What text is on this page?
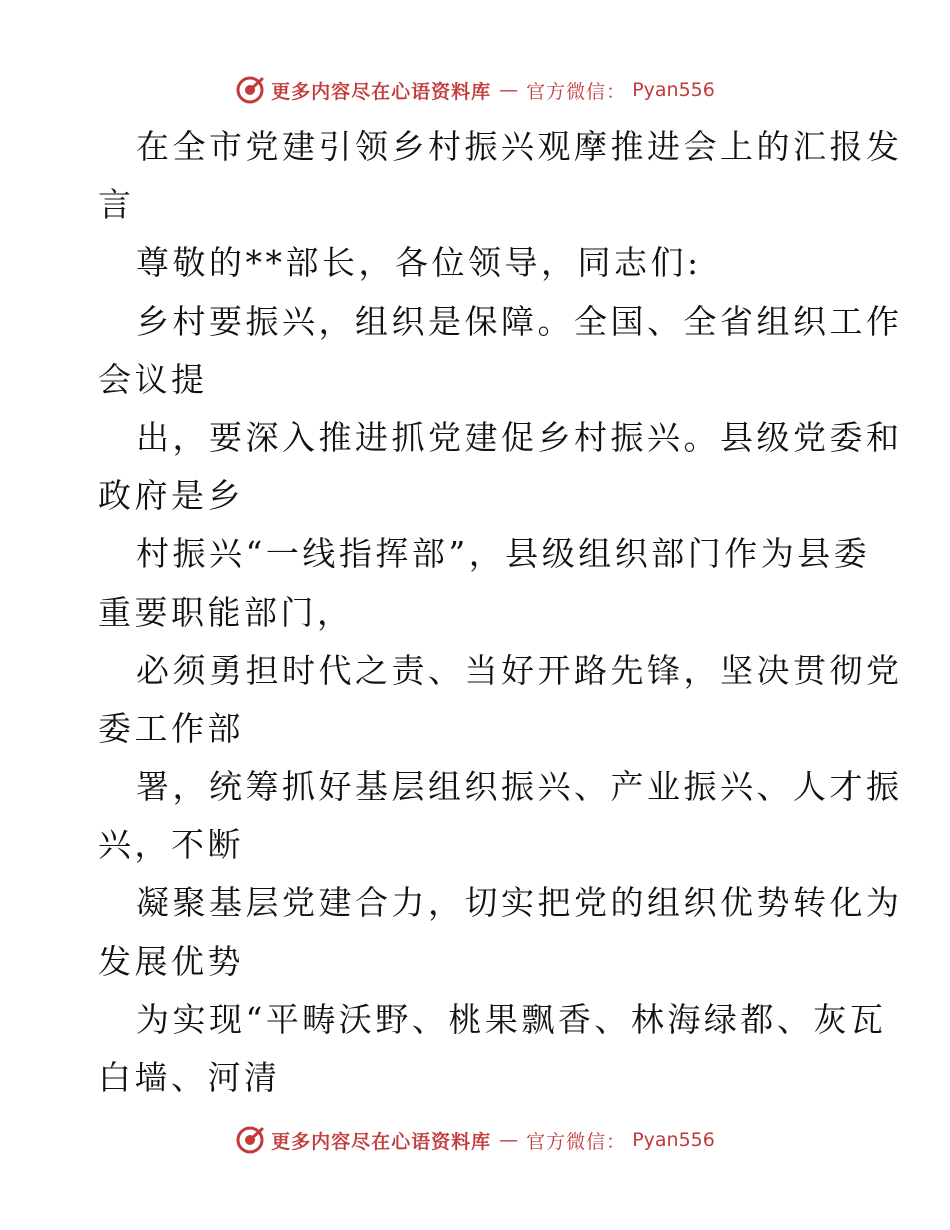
更多内容尽在心语资料库 — 官方微信： Pyan556
在全市党建引领乡村振兴观摩推进会上的汇报发
言
尊敬的**部长，各位领导，同志们:
乡村要振兴，组织是保障。全国、全省组织工作
会议提
出，要深入推进抓党建促乡村振兴。县级党委和
政府是乡
村振兴“一线指挥部”，县级组织部门作为县委
重要职能部门，
必须勇担时代之责、当好开路先锋，坚决贯彻党
委工作部
署，统筹抓好基层组织振兴、产业振兴、人才振
兴，不断
凝聚基层党建合力，切实把党的组织优势转化为
发展优势
为实现“平畴沃野、桃果飘香、林海绿都、灰瓦
白墙、河清
更多内容尽在心语资料库 — 官方微信： Pyan556
